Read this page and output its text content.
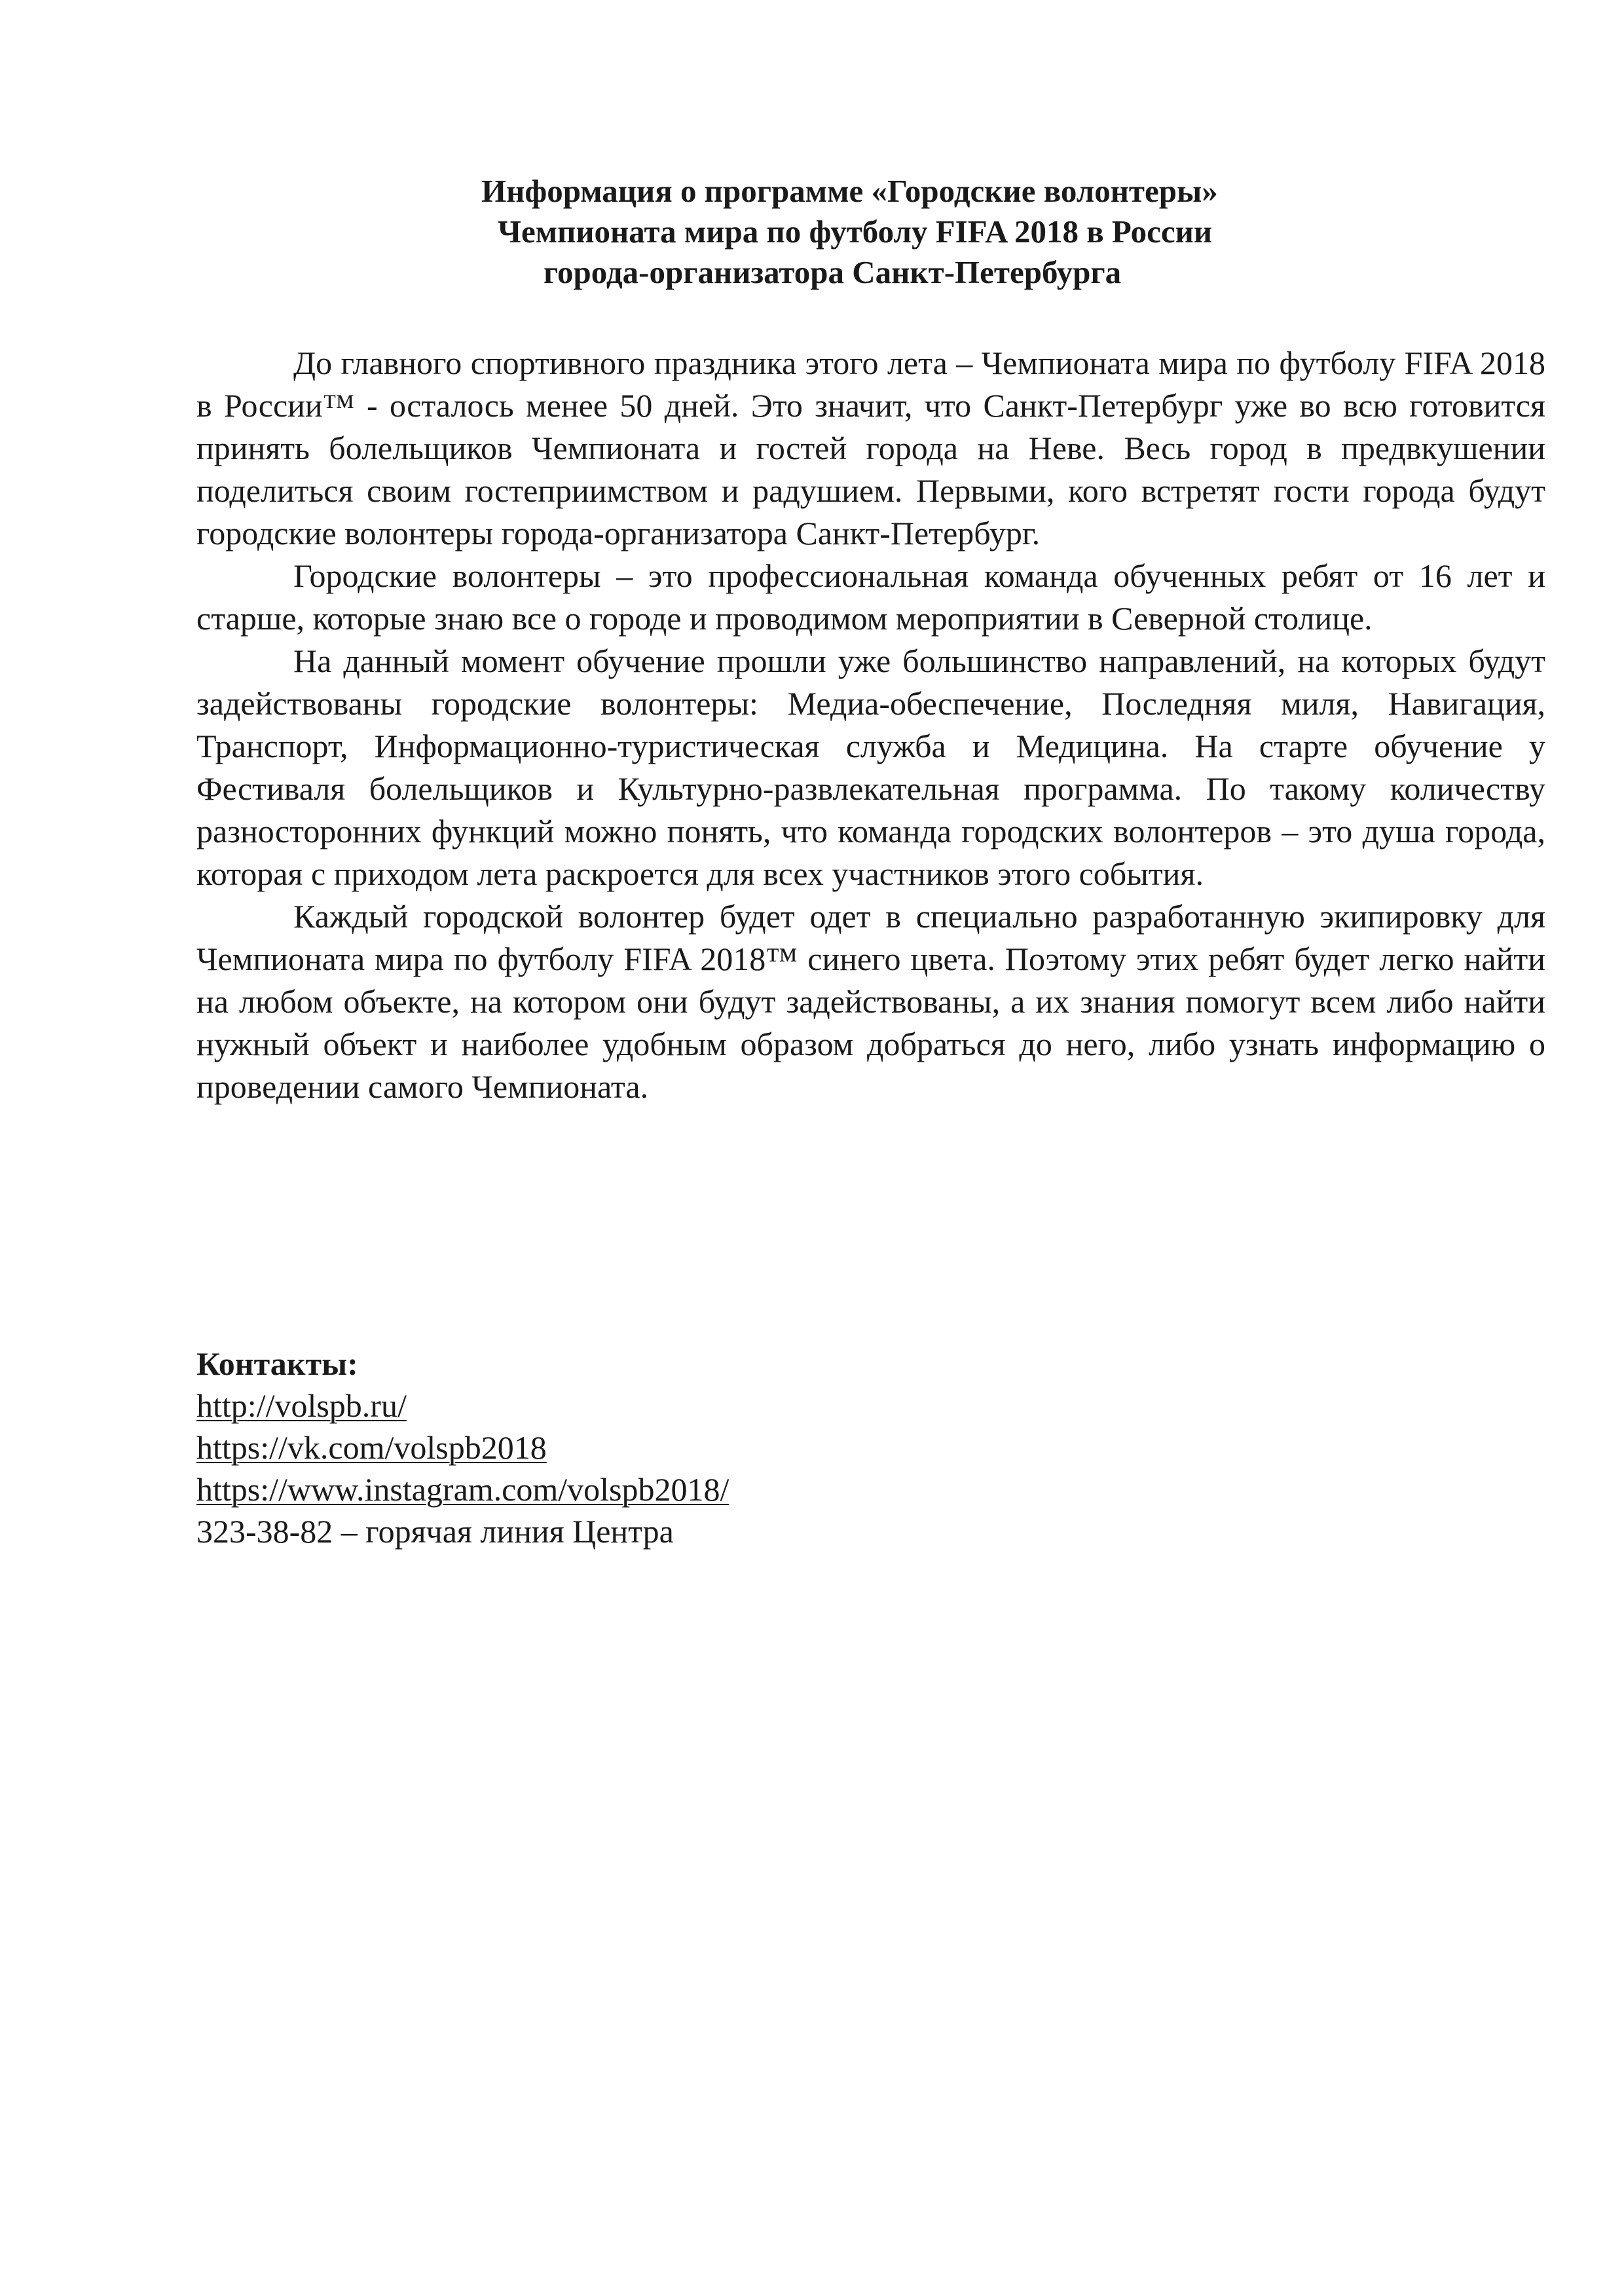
Информация о программе «Городские волонтеры»
Чемпионата мира по футболу FIFA 2018 в России
города-организатора Санкт-Петербурга

До главного спортивного праздника этого лета – Чемпионата мира по футболу FIFA 2018 в России™ - осталось менее 50 дней. Это значит, что Санкт-Петербург уже во всю готовится принять болельщиков Чемпионата и гостей города на Неве. Весь город в предвкушении поделиться своим гостеприимством и радушием. Первыми, кого встретят гости города будут городские волонтеры города-организатора Санкт-Петербург.

Городские волонтеры – это профессиональная команда обученных ребят от 16 лет и старше, которые знаю все о городе и проводимом мероприятии в Северной столице.

На данный момент обучение прошли уже большинство направлений, на которых будут задействованы городские волонтеры: Медиа-обеспечение, Последняя миля, Навигация, Транспорт, Информационно-туристическая служба и Медицина. На старте обучение у Фестиваля болельщиков и Культурно-развлекательная программа. По такому количеству разносторонних функций можно понять, что команда городских волонтеров – это душа города, которая с приходом лета раскроется для всех участников этого события.

Каждый городской волонтер будет одет в специально разработанную экипировку для Чемпионата мира по футболу FIFA 2018™ синего цвета. Поэтому этих ребят будет легко найти на любом объекте, на котором они будут задействованы, а их знания помогут всем либо найти нужный объект и наиболее удобным образом добраться до него, либо узнать информацию о проведении самого Чемпионата.

Контакты:

http://volspb.ru/
https://vk.com/volspb2018
https://www.instagram.com/volspb2018/
323-38-82 – горячая линия Центра
